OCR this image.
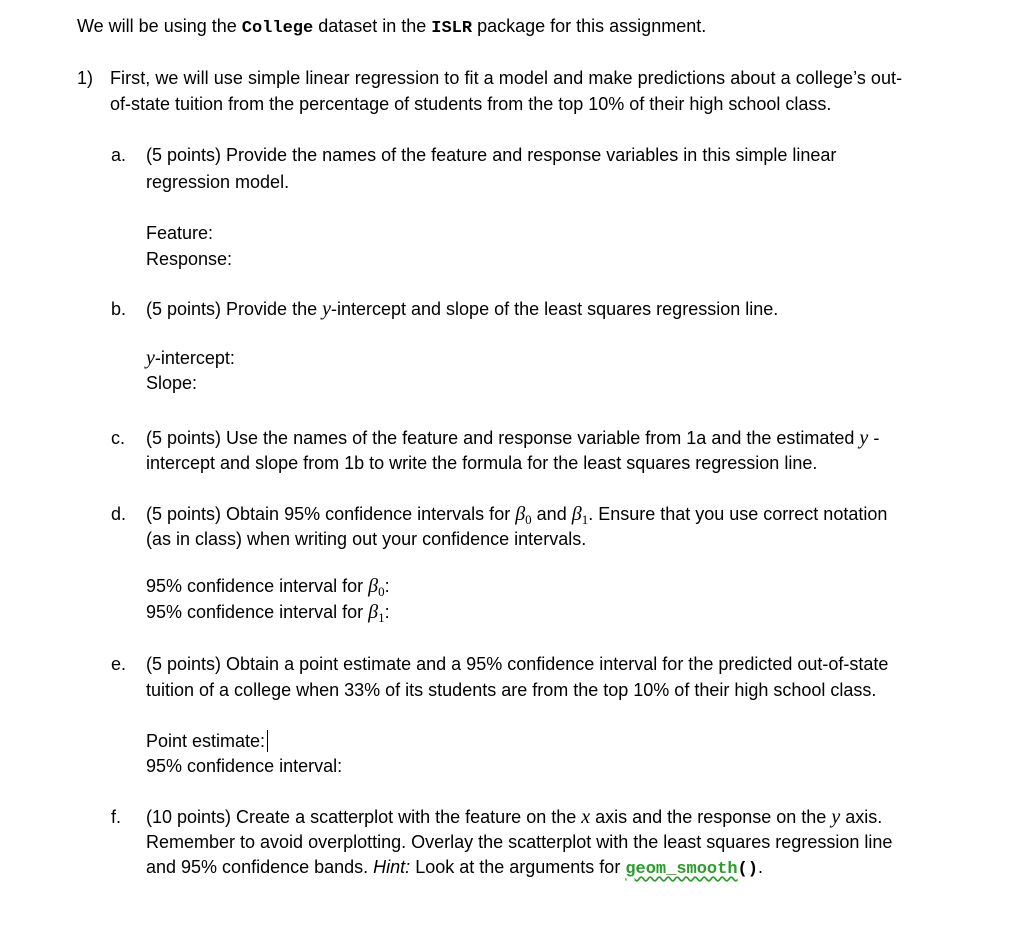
We will be using the College dataset in the ISLR package for this assignment.
1) First, we will use simple linear regression to fit a model and make predictions about a college’s out-
of-state tuition from the percentage of students from the top 10% of their high school class.
a. (5 points) Provide the names of the feature and response variables in this simple linear
regression model.
Feature:
Response:
b. (5 points) Provide the y-intercept and slope of the least squares regression line.
y-intercept:
Slope:
c. (5 points) Use the names of the feature and response variable from 1a and the estimated y -
intercept and slope from 1b to write the formula for the least squares regression line.
d. (5 points) Obtain 95% confidence intervals for $\beta_0$ and $\beta_1$. Ensure that you use correct notation
(as in class) when writing out your confidence intervals.
95% confidence interval for $\beta_0$:
95% confidence interval for $\beta_1$:
e. (5 points) Obtain a point estimate and a 95% confidence interval for the predicted out-of-state
tuition of a college when 33% of its students are from the top 10% of their high school class.
Point estimate:
95% confidence interval:
f. (10 points) Create a scatterplot with the feature on the x axis and the response on the y axis.
Remember to avoid overplotting. Overlay the scatterplot with the least squares regression line
and 95% confidence bands. Hint: Look at the arguments for geom_smooth().
